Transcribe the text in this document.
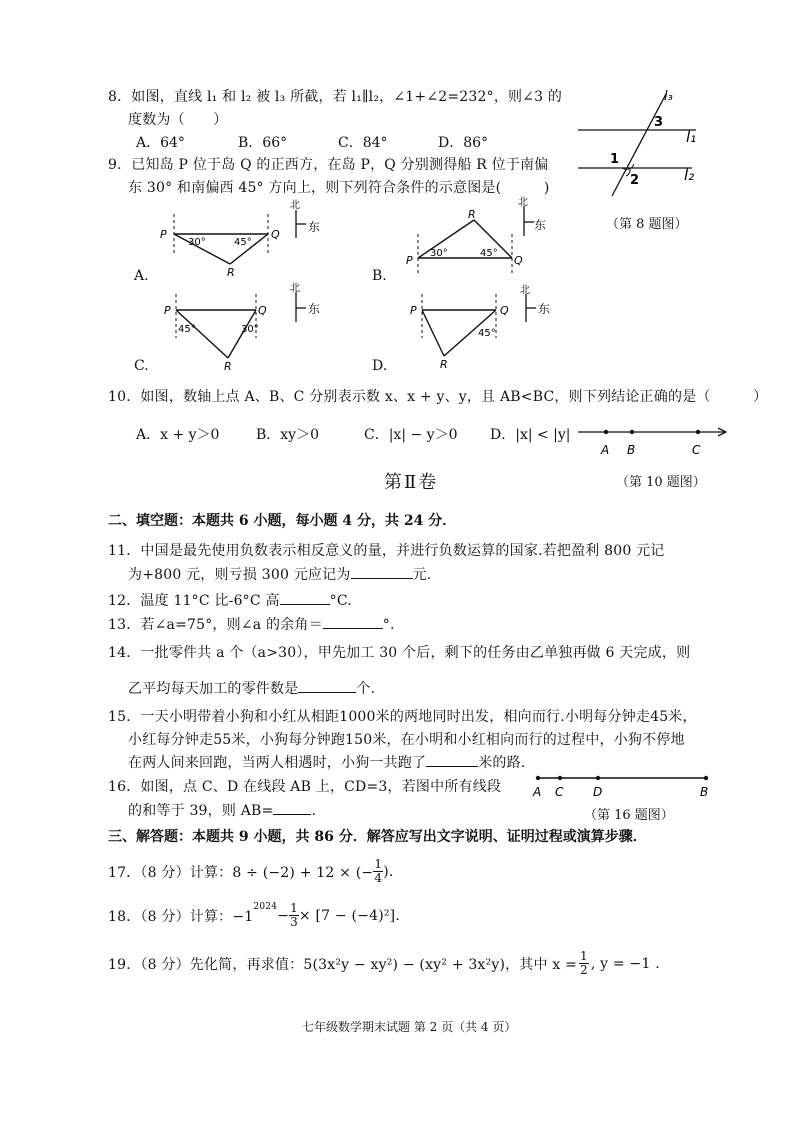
8．如图，直线 l₁ 和 l₂ 被 l₃ 所截，若 l₁∥l₂，∠1+∠2=232°，则∠3 的
度数为（　　）
A．64°	B．66°	C．84°	D．86°
l₃
l₁
l₂
3
1
2
（第 8 题图）
9．已知岛 P 位于岛 Q 的正西方，在岛 P，Q 分别测得船 R 位于南偏
东 30° 和南偏西 45° 方向上，则下列符合条件的示意图是(　　　)
P	Q
R
30°	45°
北
东
A.
P	Q
R
30°	45°
北
东
B.
P	Q
R
45°	30°
北
东
C.
P	Q
R
45°
北
东
D.
10．如图，数轴上点 A、B、C 分别表示数 x、x + y、y，且 AB<BC，则下列结论正确的是（　　　）
A．x + y＞0	B．xy＞0	C．|x| − y＞0 D．|x| < |y|
A B	C
第Ⅱ卷	（第 10 题图）
二、填空题：本题共 6 小题，每小题 4 分，共 24 分．
11．中国是最先使用负数表示相反意义的量，并进行负数运算的国家.若把盈利 800 元记
为+800 元，则亏损 300 元应记为	元.
12．温度 11°C 比-6°C 高	°C.
13．若∠a=75°，则∠a 的余角＝	°.
14．一批零件共 a 个（a>30），甲先加工 30 个后，剩下的任务由乙单独再做 6 天完成，则
乙平均每天加工的零件数是	个.
15．一天小明带着小狗和小红从相距1000米的两地同时出发，相向而行.小明每分钟走45米，
小红每分钟走55米，小狗每分钟跑150米，在小明和小红相向而行的过程中，小狗不停地
在两人间来回跑，当两人相遇时，小狗一共跑了	米的路.
16．如图，点 C、D 在线段 AB 上，CD=3，若图中所有线段
的和等于 39，则 AB=	.
A C D	B
（第 16 题图）
三、解答题：本题共 9 小题，共 86 分．解答应写出文字说明、证明过程或演算步骤．
17．（8 分）计算：8 ÷ (−2) + 12 × (− $\frac{1}{4}$ ).
18．（8 分）计算：−1
$^{2024}$
− $\frac{1}{3} \times [7 - (-4)^2]$.
19．（8 分）先化简，再求值：5(3x²y − xy²) − (xy² + 3x²y)，其中 $x = \frac{1}{2}$ , y = −1 .
七年级数学期末试题 第 2 页（共 4 页）
